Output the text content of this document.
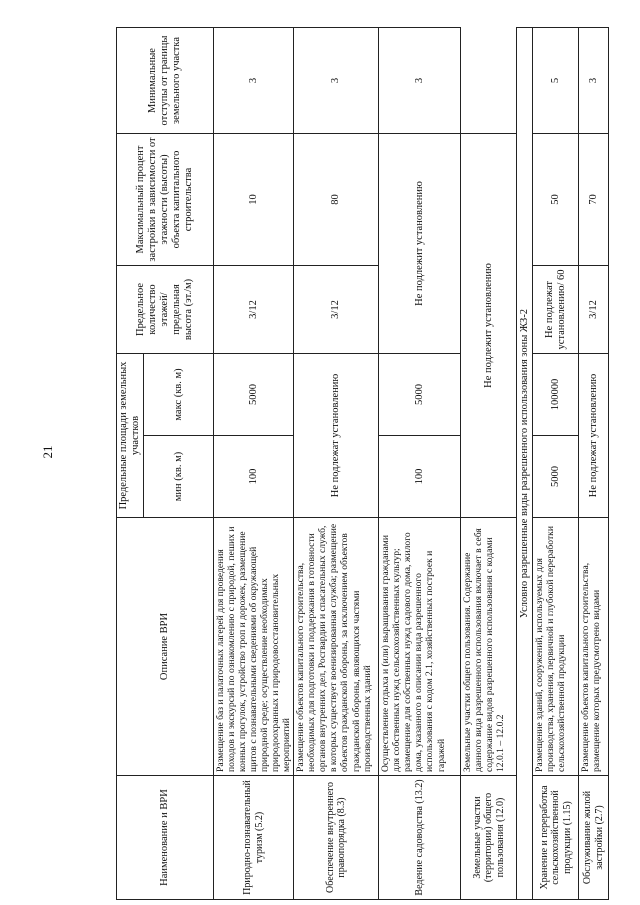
21
Наименование и ВРИ	Описание ВРИ	Предельные площади земельных участков		Предельное количество этажей/ предельная высота (эт./м)	Максимальный процент застройки в зависимости от этажности (высоты) объекта капитального строительства	Минимальные отступы от границы земельного участка
		мин (кв. м)	макс (кв. м)			
Природно-познавательный туризм (5.2)	Размещение баз и палаточных лагерей для проведения походов и экскурсий по ознакомлению с природой, пеших и конных прогулок, устройство троп и дорожек, размещение щитов с познавательными сведениями об окружающей природной среде; осуществление необходимых природоохранных и природовосстановительных мероприятий	100	5000	3/12	10	3
Обеспечение внутреннего правопорядка (8.3)	Размещение объектов капитального строительства, необходимых для подготовки и поддержания в готовности органов внутренних дел, Росгвардии и спасательных служб, в которых существует военизированная служба; размещение объектов гражданской обороны, за исключением объектов гражданской обороны, являющихся частями производственных зданий	Не подлежат установлению		3/12	80	3
Ведение садоводства (13.2)	Осуществление отдыха и (или) выращивания гражданами для собственных нужд сельскохозяйственных культур; размещение для собственных нужд садового дома, жилого дома, указанного в описании вида разрешенного использования с кодом 2.1, хозяйственных построек и гаражей	100	5000	Не подлежит установлению		3
Земельные участки (территории) общего пользования (12.0)	Земельные участки общего пользования. Содержание данного вида разрешенного использования включает в себя содержание видов разрешенного использования с кодами 12.0.1 – 12.0.2	Не подлежит установлению				
Условно разрешенные виды разрешенного использования зоны ЖЗ-2						
Хранение и переработка сельскохозяйственной продукции (1.15)	Размещение зданий, сооружений, используемых для производства, хранения, первичной и глубокой переработки сельскохозяйственной продукции	5000	100000	Не подлежат установлению/ 60	50	5
Обслуживание жилой застройки (2.7)	Размещение объектов капитального строительства, размещение которых предусмотрено видами	Не подлежат установлению		3/12	70	3
